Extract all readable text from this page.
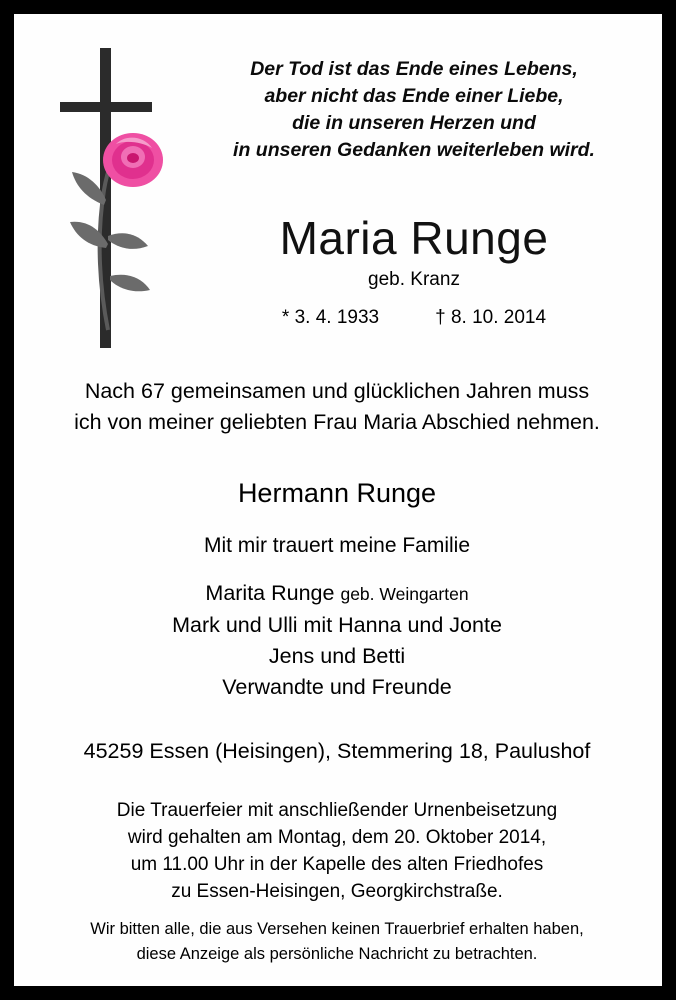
Der Tod ist das Ende eines Lebens,
aber nicht das Ende einer Liebe,
die in unseren Herzen und
in unseren Gedanken weiterleben wird.
Maria Runge
geb. Kranz
* 3. 4. 1933	† 8. 10. 2014
Nach 67 gemeinsamen und glücklichen Jahren muss
ich von meiner geliebten Frau Maria Abschied nehmen.
Hermann Runge
Mit mir trauert meine Familie
Marita Runge geb. Weingarten
Mark und Ulli mit Hanna und Jonte
Jens und Betti
Verwandte und Freunde
45259 Essen (Heisingen), Stemmering 18, Paulushof
Die Trauerfeier mit anschließender Urnenbeisetzung
wird gehalten am Montag, dem 20. Oktober 2014,
um 11.00 Uhr in der Kapelle des alten Friedhofes
zu Essen-Heisingen, Georgkirchstraße.
Wir bitten alle, die aus Versehen keinen Trauerbrief erhalten haben,
diese Anzeige als persönliche Nachricht zu betrachten.
